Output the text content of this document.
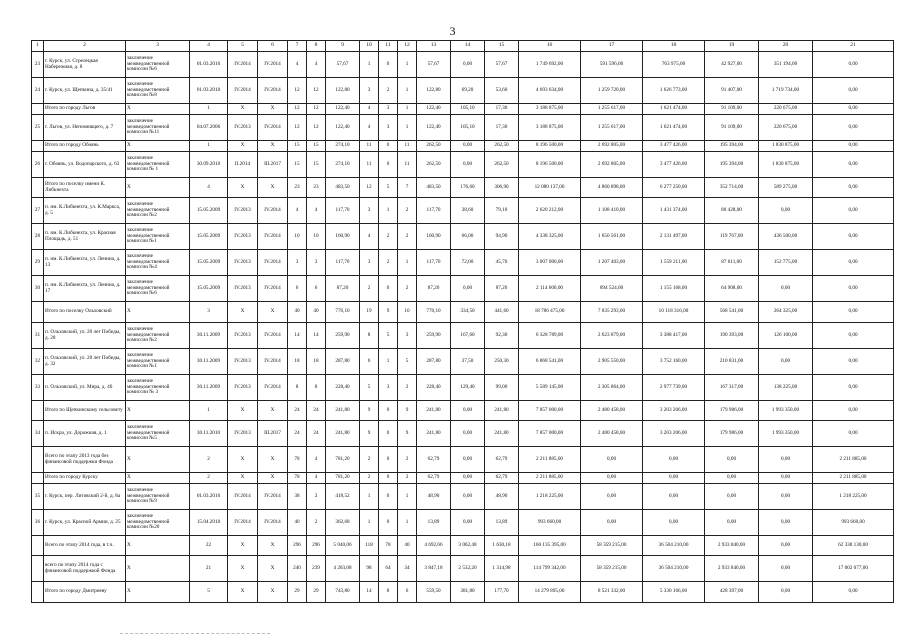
3
1	2	3	4	5	6	7	8	9	10	11	12	13	14	15	16	17	18	19	20	21
23	г. Курск, ул. Стрелецкая Набережная, д. 8	заключение межведомственной комиссии №6	01.03.2010	IV.2014	IV.2014	4	4	57,67	1	0	1	57,67	0,00	57,67	1 749 692,00	591 596,00	763 975,00	42 927,00	351 194,00	0,00
24	г. Курск, ул. Щепкина, д. 35/41	заключение межведомственной комиссии №8	01.03.2010	IV.2014	IV.2014	12	12	122,80	3	2	1	122,80	69,20	53,60	4 693 634,00	1 259 720,00	1 626 773,00	91 407,00	1 719 734,00	0,00
	Итого по городу Льгов	X	1	X	X	12	12	122,40	4	3	1	122,40	105,10	17,30	3 188 875,00	1 255 617,00	1 621 474,00	91 109,00	220 675,00	0,00
25	г. Льгов, ул. Непомнящего, д. 7	заключение межведомственной комиссии №11	04.07.2006	IV.2013	IV.2014	12	12	122,40	4	3	1	122,40	105,10	17,30	3 188 875,00	1 255 617,00	1 621 474,00	91 109,00	220 675,00	0,00
	Итого по городу Обоянь	X	1	X	X	15	15	274,10	11	0	11	262,50	0,00	262,50	8 196 500,00	2 692 805,00	3 477 426,00	195 394,00	1 830 875,00	0,00
26	г. Обоянь, ул. Водопарского, д. 63	заключение межведомственной комиссии № 1	30.09.2010	II.2014	III.2017	15	15	274,10	11	0	11	262,50	0,00	262,50	8 196 500,00	2 692 805,00	3 477 426,00	195 394,00	1 830 875,00	0,00
	Итого по поселку имени К. Либкнехта	X	4	X	X	23	23	483,50	12	5	7	483,50	176,60	306,90	12 080 137,00	4 860 898,00	6 277 250,00	352 714,00	589 275,00	0,00
27	п. им. К.Либкнехта, ул. К.Маркса, д. 5	заключение межведомственной комиссии №2	15.05.2009	IV.2013	IV.2014	4	4	117,70	3	1	2	117,70	38,60	79,10	2 620 212,00	1 108 410,00	1 431 374,00	80 428,00	0,00	0,00
28	п. им. К.Либкнехта, ул. Красная Площадь, д. 51	заключение межведомственной комиссии №1	15.05.2009	IV.2013	IV.2014	10	10	160,90	4	2	2	160,90	66,00	94,90	4 338 325,00	1 650 561,00	2 131 497,00	119 767,00	436 500,00	0,00
29	п. им. К.Либкнехта, ул. Ленина, д. 13	заключение межведомственной комиссии №4	15.05.2009	IV.2013	IV.2014	3	3	117,70	3	2	1	117,70	72,00	45,70	3 007 000,00	1 207 403,00	1 559 211,00	87 611,00	152 775,00	0,00
30	п. им. К.Либкнехта, ул. Ленина, д. 17	заключение межведомственной комиссии №6	15.05.2009	IV.2013	IV.2014	6	6	87,20	2	0	2	87,20	0,00	87,20	2 114 600,00	894 524,00	1 155 168,00	64 908,00	0,00	0,00
	Итого по поселку Ольховский	X	3	X	X	40	40	776,10	19	9	10	776,10	334,50	441,60	18 786 475,00	7 835 293,00	10 118 316,00	568 541,00	264 325,00	0,00
31	п. Ольховский, ул. 20 лет Победы, д. 28	заключение межведомственной комиссии №2	30.11.2009	IV.2013	IV.2014	14	14	259,90	8	5	3	259,90	167,60	92,30	6 328 789,00	2 623 879,00	3 388 417,00	190 393,00	126 100,00	0,00
32	п. Ольховский, ул. 20 лет Победы, д. 32	заключение межведомственной комиссии №1	30.11.2009	IV.2013	IV.2014	18	18	287,80	6	1	5	287,80	37,50	250,30	6 868 541,00	2 905 550,00	3 752 160,00	210 831,00	0,00	0,00
33	п. Ольховский, ул. Мира, д. 46	заключение межведомственной комиссии № 3	30.11.2009	IV.2013	IV.2014	8	8	228,40	5	3	2	228,40	129,40	99,00	5 589 145,00	2 305 864,00	2 977 739,00	167 317,00	138 225,00	0,00
	Итого по Щепкинскому сельсовету	X	1	X	X	24	24	241,80	9	0	9	241,80	0,00	241,80	7 857 000,00	2 480 458,00	3 203 206,00	179 986,00	1 993 350,00	0,00
34	п. Искра, ул. Дорожная, д. 1	заключение межведомственной комиссии №5	30.11.2010	IV.2013	III.2017	24	24	241,80	9	0	9	241,80	0,00	241,80	7 857 000,00	2 480 458,00	3 203 206,00	179 986,00	1 993 350,00	0,00
	Всего по этапу 2013 года без финансовой поддержки Фонда	X	2	X	X	78	4	781,20	2	0	2	62,79	0,00	62,79	2 211 885,00	0,00	0,00	0,00	0,00	2 211 885,00
	Итого по городу Курску	X	2	X	X	78	4	781,20	2	0	2	62,79	0,00	62,79	2 211 885,00	0,00	0,00	0,00	0,00	2 211 885,00
35	г. Курск, пер. Литовский 2-й, д. 8а	заключение межведомственной комиссии №9	01.03.2010	IV.2014	IV.2014	38	2	418,52	1	0	1	48,90	0,00	48,90	1 218 225,00	0,00	0,00	0,00	0,00	1 218 225,00
36	г. Курск, ул. Красной Армии, д. 25	заключение межведомственной комиссии №20	15.04.2010	IV.2014	IV.2014	40	2	362,68	1	0	1	13,89	0,00	13,89	993 660,00	0,00	0,00	0,00	0,00	993 660,00
	Всего по этапу 2014 года, в т.ч.	X	22	X	X	296	296	5 040,06	118	78	40	4 692,66	3 062,48	1 630,18	160 135 395,00	58 359 215,00	36 504 210,00	2 933 840,00	0,00	62 338 130,00
	всего по этапу 2014 года с финансовой поддержкой Фонда	X	21	X	X	240	239	4 203,08	98	64	34	3 847,18	2 532,20	1 314,98	114 799 342,00	58 359 215,00	36 504 210,00	2 933 840,00	0,00	17 002 077,00
	Итого по городу Дмитриеву	X	5	X	X	29	29	743,80	14	8	6	559,50	381,80	177,70	14 279 895,00	8 521 332,00	5 330 166,00	428 397,00	0,00	0,00
